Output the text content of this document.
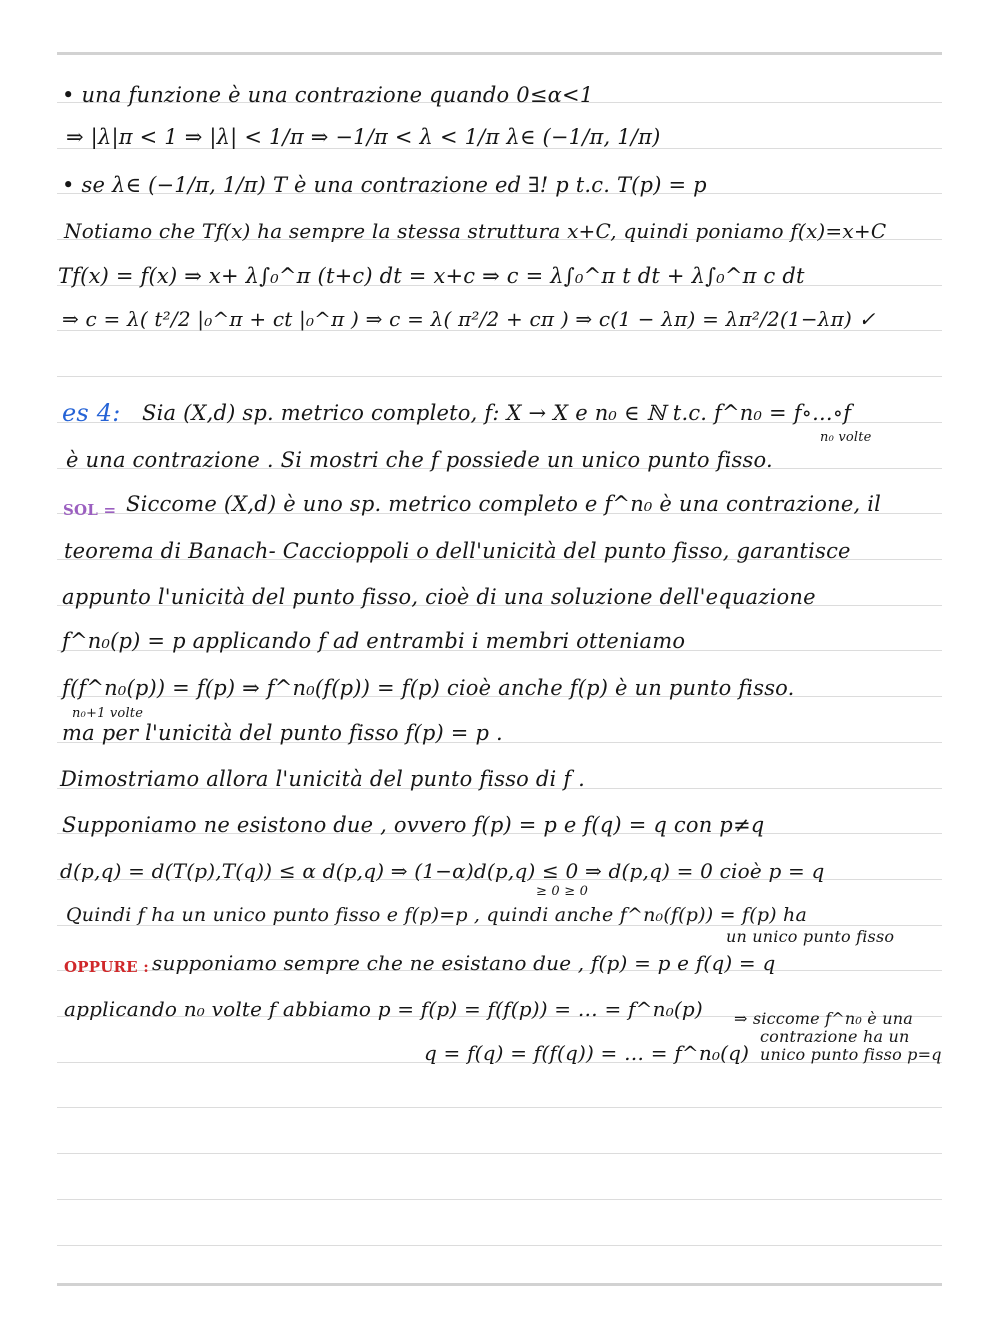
• una funzione è una contrazione quando 0≤α<1
⇒ |λ|π < 1 ⇒ |λ| < 1/π ⇒ −1/π < λ < 1/π λ∈ (−1/π, 1/π)
• se λ∈ (−1/π, 1/π) T è una contrazione ed ∃! p t.c. T(p) = p
Notiamo che Tf(x) ha sempre la stessa struttura x+C, quindi poniamo f(x)=x+C
Tf(x) = f(x) ⇒ x+ λ∫₀^π (t+c) dt = x+c ⇒ c = λ∫₀^π t dt + λ∫₀^π c dt
⇒ c = λ( t²/2 |₀^π + ct |₀^π ) ⇒ c = λ( π²/2 + cπ ) ⇒ c(1 − λπ) = λπ²/2(1−λπ) ✓
es 4: Sia (X,d) sp. metrico completo, f: X → X e n₀ ∈ ℕ t.c. f^n₀ = f∘...∘f
n₀ volte
è una contrazione . Si mostri che f possiede un unico punto fisso.
SOL = Siccome (X,d) è uno sp. metrico completo e f^n₀ è una contrazione, il
teorema di Banach- Caccioppoli o dell'unicità del punto fisso, garantisce
appunto l'unicità del punto fisso, cioè di una soluzione dell'equazione
f^n₀(p) = p applicando f ad entrambi i membri otteniamo
f(f^n₀(p)) = f(p) ⇒ f^n₀(f(p)) = f(p) cioè anche f(p) è un punto fisso.
n₀+1 volte
ma per l'unicità del punto fisso f(p) = p .
Dimostriamo allora l'unicità del punto fisso di f .
Supponiamo ne esistono due , ovvero f(p) = p e f(q) = q con p≠q
d(p,q) = d(T(p),T(q)) ≤ α d(p,q) ⇒ (1−α)d(p,q) ≤ 0 ⇒ d(p,q) = 0 cioè p = q
≥ 0 ≥ 0
Quindi f ha un unico punto fisso e f(p)=p , quindi anche f^n₀(f(p)) = f(p) ha
un unico punto fisso
OPPURE : supponiamo sempre che ne esistano due , f(p) = p e f(q) = q
applicando n₀ volte f abbiamo p = f(p) = f(f(p)) = … = f^n₀(p)
q = f(q) = f(f(q)) = … = f^n₀(q)
⇒ siccome f^n₀ è una
contrazione ha un
unico punto fisso p=q
